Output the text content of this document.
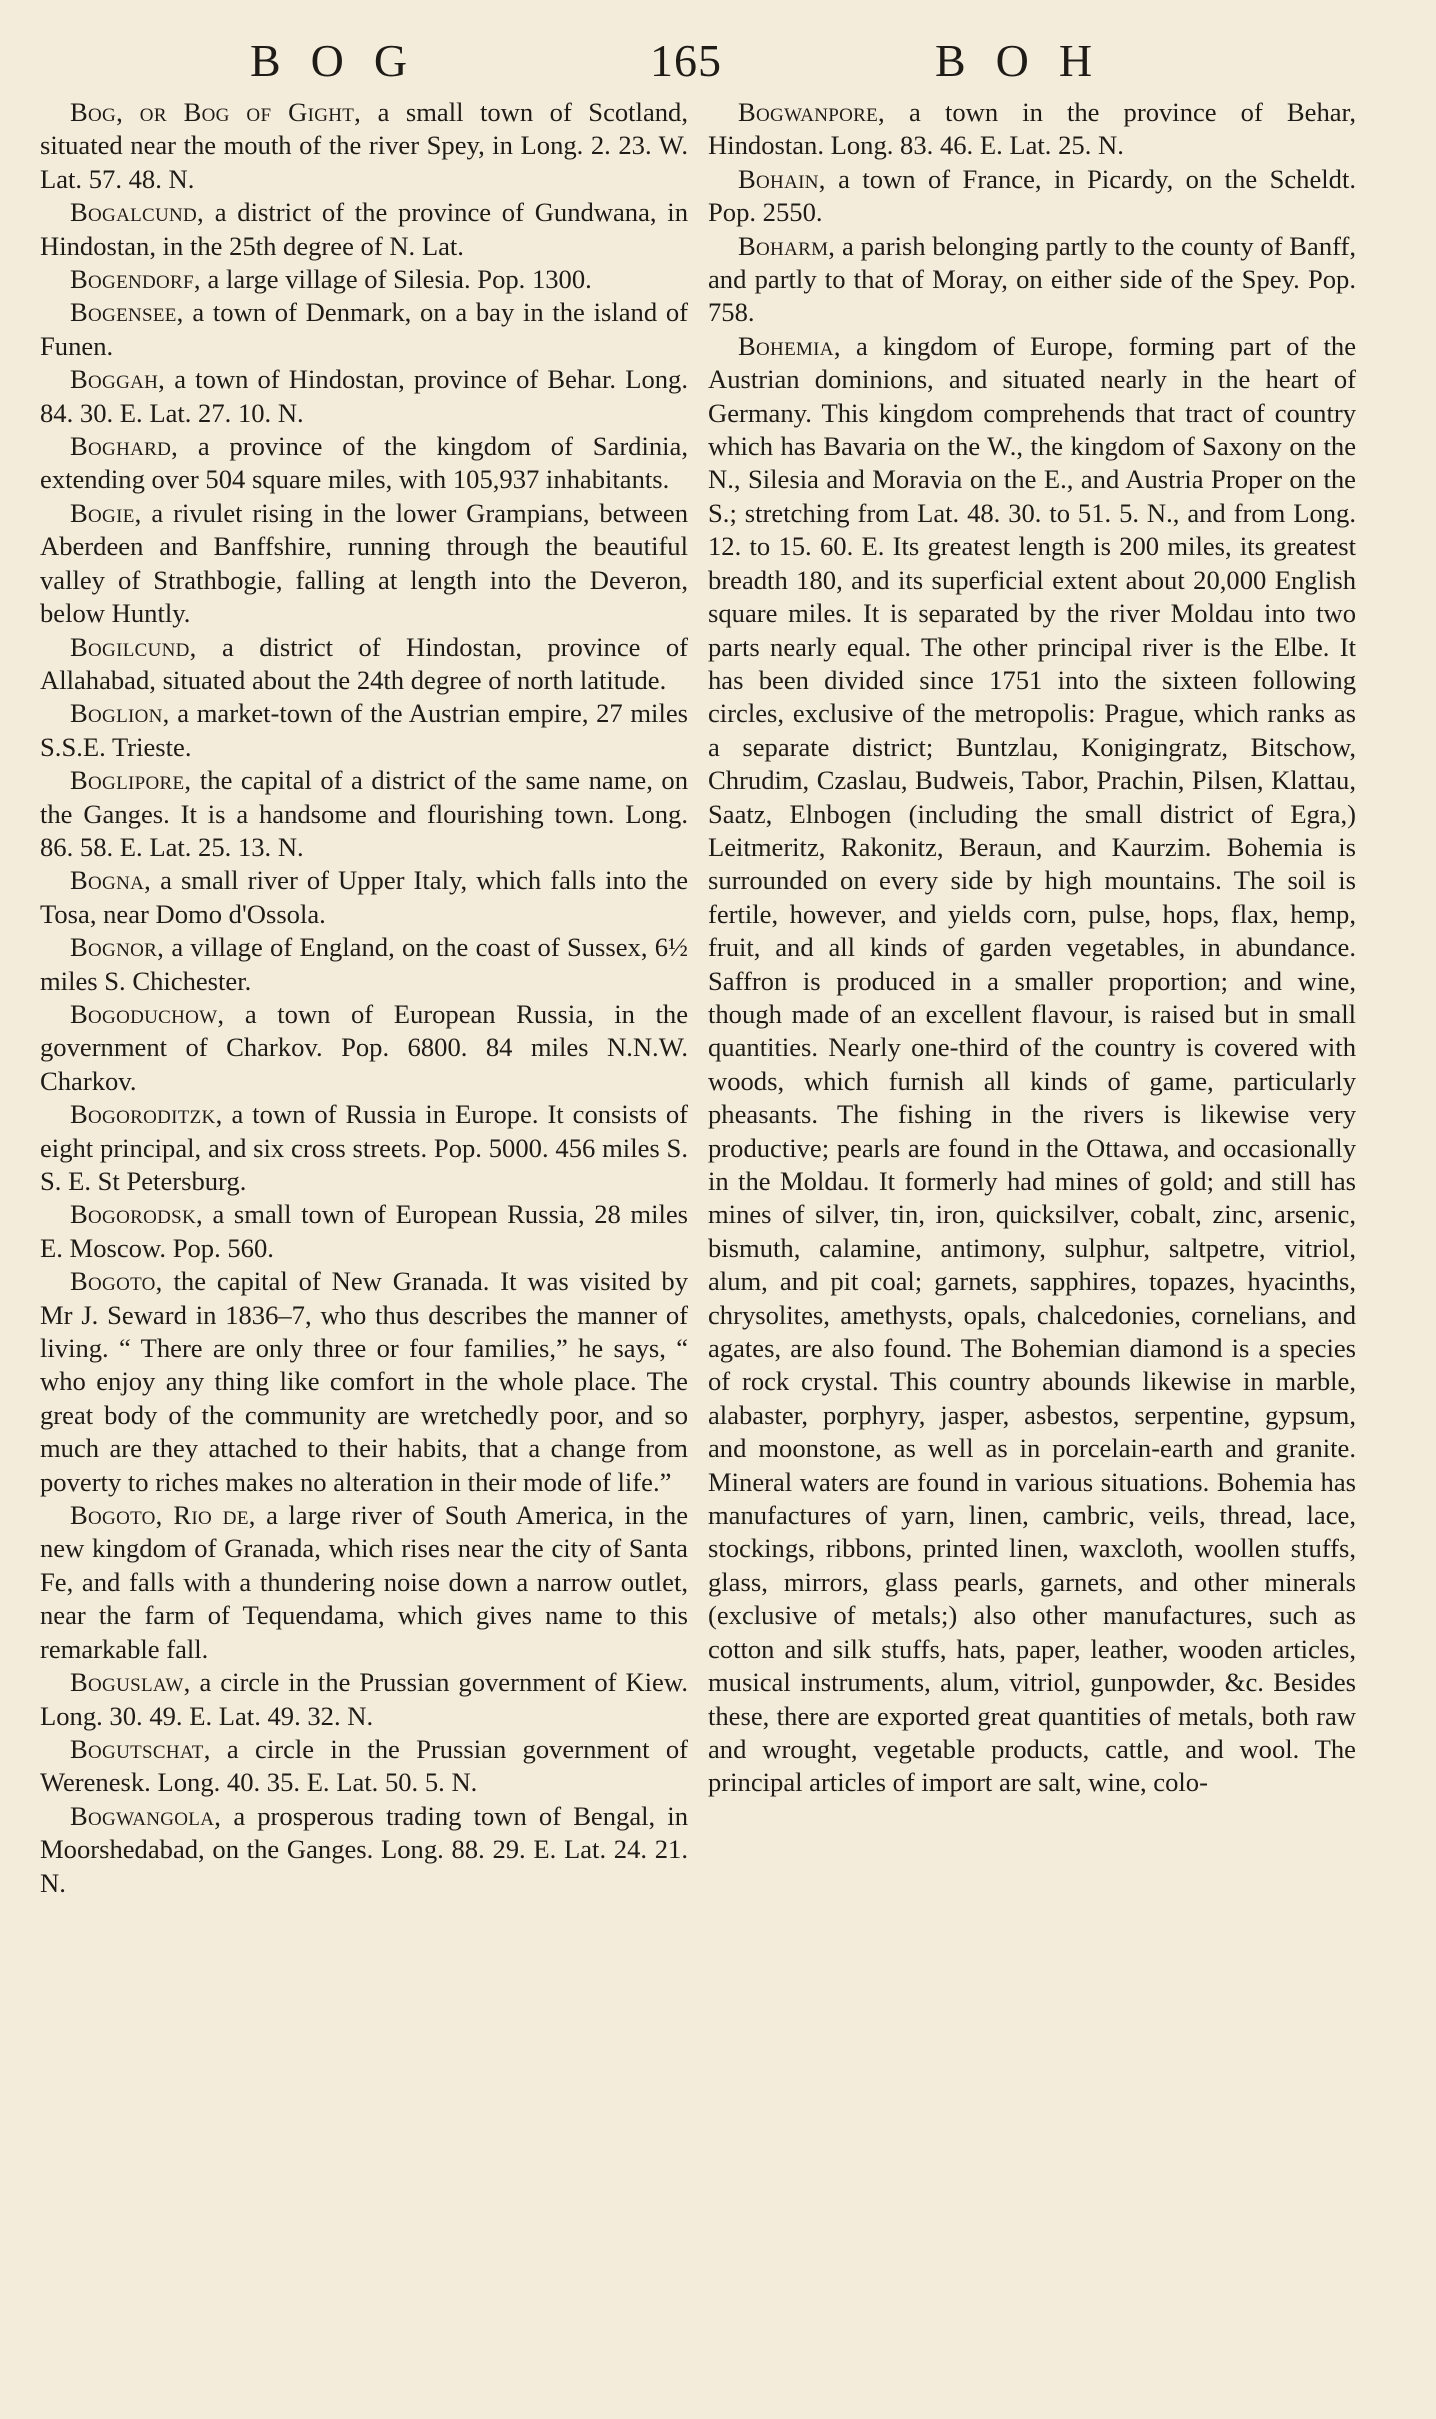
BOG	165	BOH

Bog, or Bog of Gight, a small town of Scotland, situated near the mouth of the river Spey, in Long. 2. 23. W. Lat. 57. 48. N.

Bogalcund, a district of the province of Gundwana, in Hindostan, in the 25th degree of N. Lat.

Bogendorf, a large village of Silesia. Pop. 1300.

Bogensee, a town of Denmark, on a bay in the island of Funen.

Boggah, a town of Hindostan, province of Behar. Long. 84. 30. E. Lat. 27. 10. N.

Boghard, a province of the kingdom of Sardinia, extending over 504 square miles, with 105,937 inhabitants.

Bogie, a rivulet rising in the lower Grampians, between Aberdeen and Banffshire, running through the beautiful valley of Strathbogie, falling at length into the Deveron, below Huntly.

Bogilcund, a district of Hindostan, province of Allahabad, situated about the 24th degree of north latitude.

Boglion, a market-town of the Austrian empire, 27 miles S.S.E. Trieste.

Boglipore, the capital of a district of the same name, on the Ganges. It is a handsome and flourishing town. Long. 86. 58. E. Lat. 25. 13. N.

Bogna, a small river of Upper Italy, which falls into the Tosa, near Domo d'Ossola.

Bognor, a village of England, on the coast of Sussex, 6½ miles S. Chichester.

Bogoduchow, a town of European Russia, in the government of Charkov. Pop. 6800. 84 miles N.N.W. Charkov.

Bogoroditzk, a town of Russia in Europe. It consists of eight principal, and six cross streets. Pop. 5000. 456 miles S. S. E. St Petersburg.

Bogorodsk, a small town of European Russia, 28 miles E. Moscow. Pop. 560.

Bogoto, the capital of New Granada. It was visited by Mr J. Seward in 1836–7, who thus describes the manner of living. “ There are only three or four families,” he says, “ who enjoy any thing like comfort in the whole place. The great body of the community are wretchedly poor, and so much are they attached to their habits, that a change from poverty to riches makes no alteration in their mode of life.”

Bogoto, Rio de, a large river of South America, in the new kingdom of Granada, which rises near the city of Santa Fe, and falls with a thundering noise down a narrow outlet, near the farm of Tequendama, which gives name to this remarkable fall.

Boguslaw, a circle in the Prussian government of Kiew. Long. 30. 49. E. Lat. 49. 32. N.

Bogutschat, a circle in the Prussian government of Werenesk. Long. 40. 35. E. Lat. 50. 5. N.

Bogwangola, a prosperous trading town of Bengal, in Moorshedabad, on the Ganges. Long. 88. 29. E. Lat. 24. 21. N.

Bogwanpore, a town in the province of Behar, Hindostan. Long. 83. 46. E. Lat. 25. N.

Bohain, a town of France, in Picardy, on the Scheldt. Pop. 2550.

Boharm, a parish belonging partly to the county of Banff, and partly to that of Moray, on either side of the Spey. Pop. 758.

Bohemia, a kingdom of Europe, forming part of the Austrian dominions, and situated nearly in the heart of Germany. This kingdom comprehends that tract of country which has Bavaria on the W., the kingdom of Saxony on the N., Silesia and Moravia on the E., and Austria Proper on the S.; stretching from Lat. 48. 30. to 51. 5. N., and from Long. 12. to 15. 60. E. Its greatest length is 200 miles, its greatest breadth 180, and its superficial extent about 20,000 English square miles. It is separated by the river Moldau into two parts nearly equal. The other principal river is the Elbe. It has been divided since 1751 into the sixteen following circles, exclusive of the metropolis: Prague, which ranks as a separate district; Buntzlau, Konigingratz, Bitschow, Chrudim, Czaslau, Budweis, Tabor, Prachin, Pilsen, Klattau, Saatz, Elnbogen (including the small district of Egra,) Leitmeritz, Rakonitz, Beraun, and Kaurzim. Bohemia is surrounded on every side by high mountains. The soil is fertile, however, and yields corn, pulse, hops, flax, hemp, fruit, and all kinds of garden vegetables, in abundance. Saffron is produced in a smaller proportion; and wine, though made of an excellent flavour, is raised but in small quantities. Nearly one-third of the country is covered with woods, which furnish all kinds of game, particularly pheasants. The fishing in the rivers is likewise very productive; pearls are found in the Ottawa, and occasionally in the Moldau. It formerly had mines of gold; and still has mines of silver, tin, iron, quicksilver, cobalt, zinc, arsenic, bismuth, calamine, antimony, sulphur, saltpetre, vitriol, alum, and pit coal; garnets, sapphires, topazes, hyacinths, chrysolites, amethysts, opals, chalcedonies, cornelians, and agates, are also found. The Bohemian diamond is a species of rock crystal. This country abounds likewise in marble, alabaster, porphyry, jasper, asbestos, serpentine, gypsum, and moonstone, as well as in porcelain-earth and granite. Mineral waters are found in various situations. Bohemia has manufactures of yarn, linen, cambric, veils, thread, lace, stockings, ribbons, printed linen, waxcloth, woollen stuffs, glass, mirrors, glass pearls, garnets, and other minerals (exclusive of metals;) also other manufactures, such as cotton and silk stuffs, hats, paper, leather, wooden articles, musical instruments, alum, vitriol, gunpowder, &c. Besides these, there are exported great quantities of metals, both raw and wrought, vegetable products, cattle, and wool. The principal articles of import are salt, wine, colo-
